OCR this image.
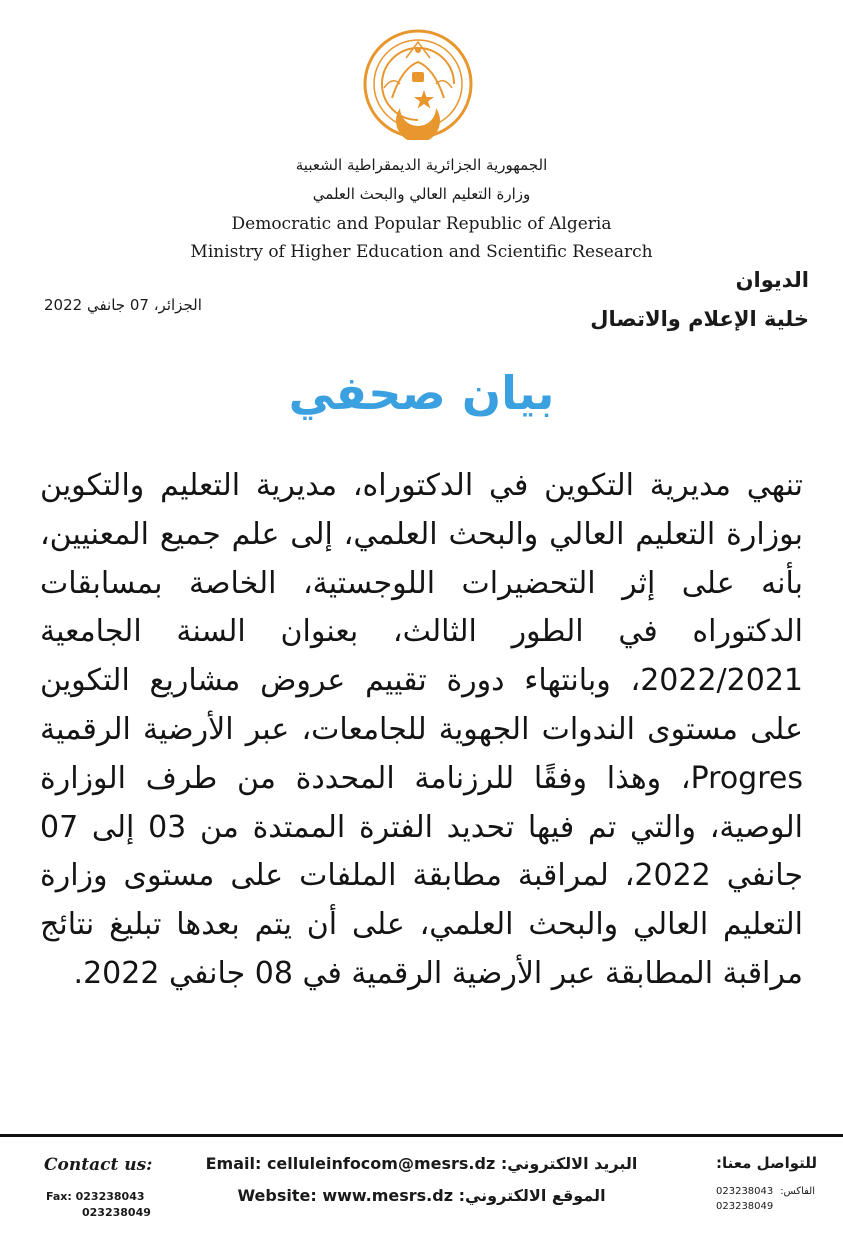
الجمهورية الجزائرية الديمقراطية الشعبية
وزارة التعليم العالي والبحث العلمي
Democratic and Popular Republic of Algeria
Ministry of Higher Education and Scientific Research
الجزائر، 07 جانفي 2022
الديوان
خلية الإعلام والاتصال
بيان صحفي
تنهي مديرية التكوين في الدكتوراه، مديرية التعليم والتكوين بوزارة التعليم العالي والبحث العلمي، إلى علم جميع المعنيين، بأنه على إثر التحضيرات اللوجستية، الخاصة بمسابقات الدكتوراه في الطور الثالث، بعنوان السنة الجامعية 2022/2021، وبانتهاء دورة تقييم عروض مشاريع التكوين على مستوى الندوات الجهوية للجامعات، عبر الأرضية الرقمية Progres، وهذا وفقًا للرزنامة المحددة من طرف الوزارة الوصية، والتي تم فيها تحديد الفترة الممتدة من 03 إلى 07 جانفي 2022، لمراقبة مطابقة الملفات على مستوى وزارة التعليم العالي والبحث العلمي، على أن يتم بعدها تبليغ نتائج مراقبة المطابقة عبر الأرضية الرقمية في 08 جانفي 2022.
Contact us:
Fax: 023238043
023238049
البريد الالكتروني: Email: celluleinfocom@mesrs.dz
الموقع الالكتروني: Website: www.mesrs.dz
للتواصل معنا:
الفاكس:
023238043
023238049
